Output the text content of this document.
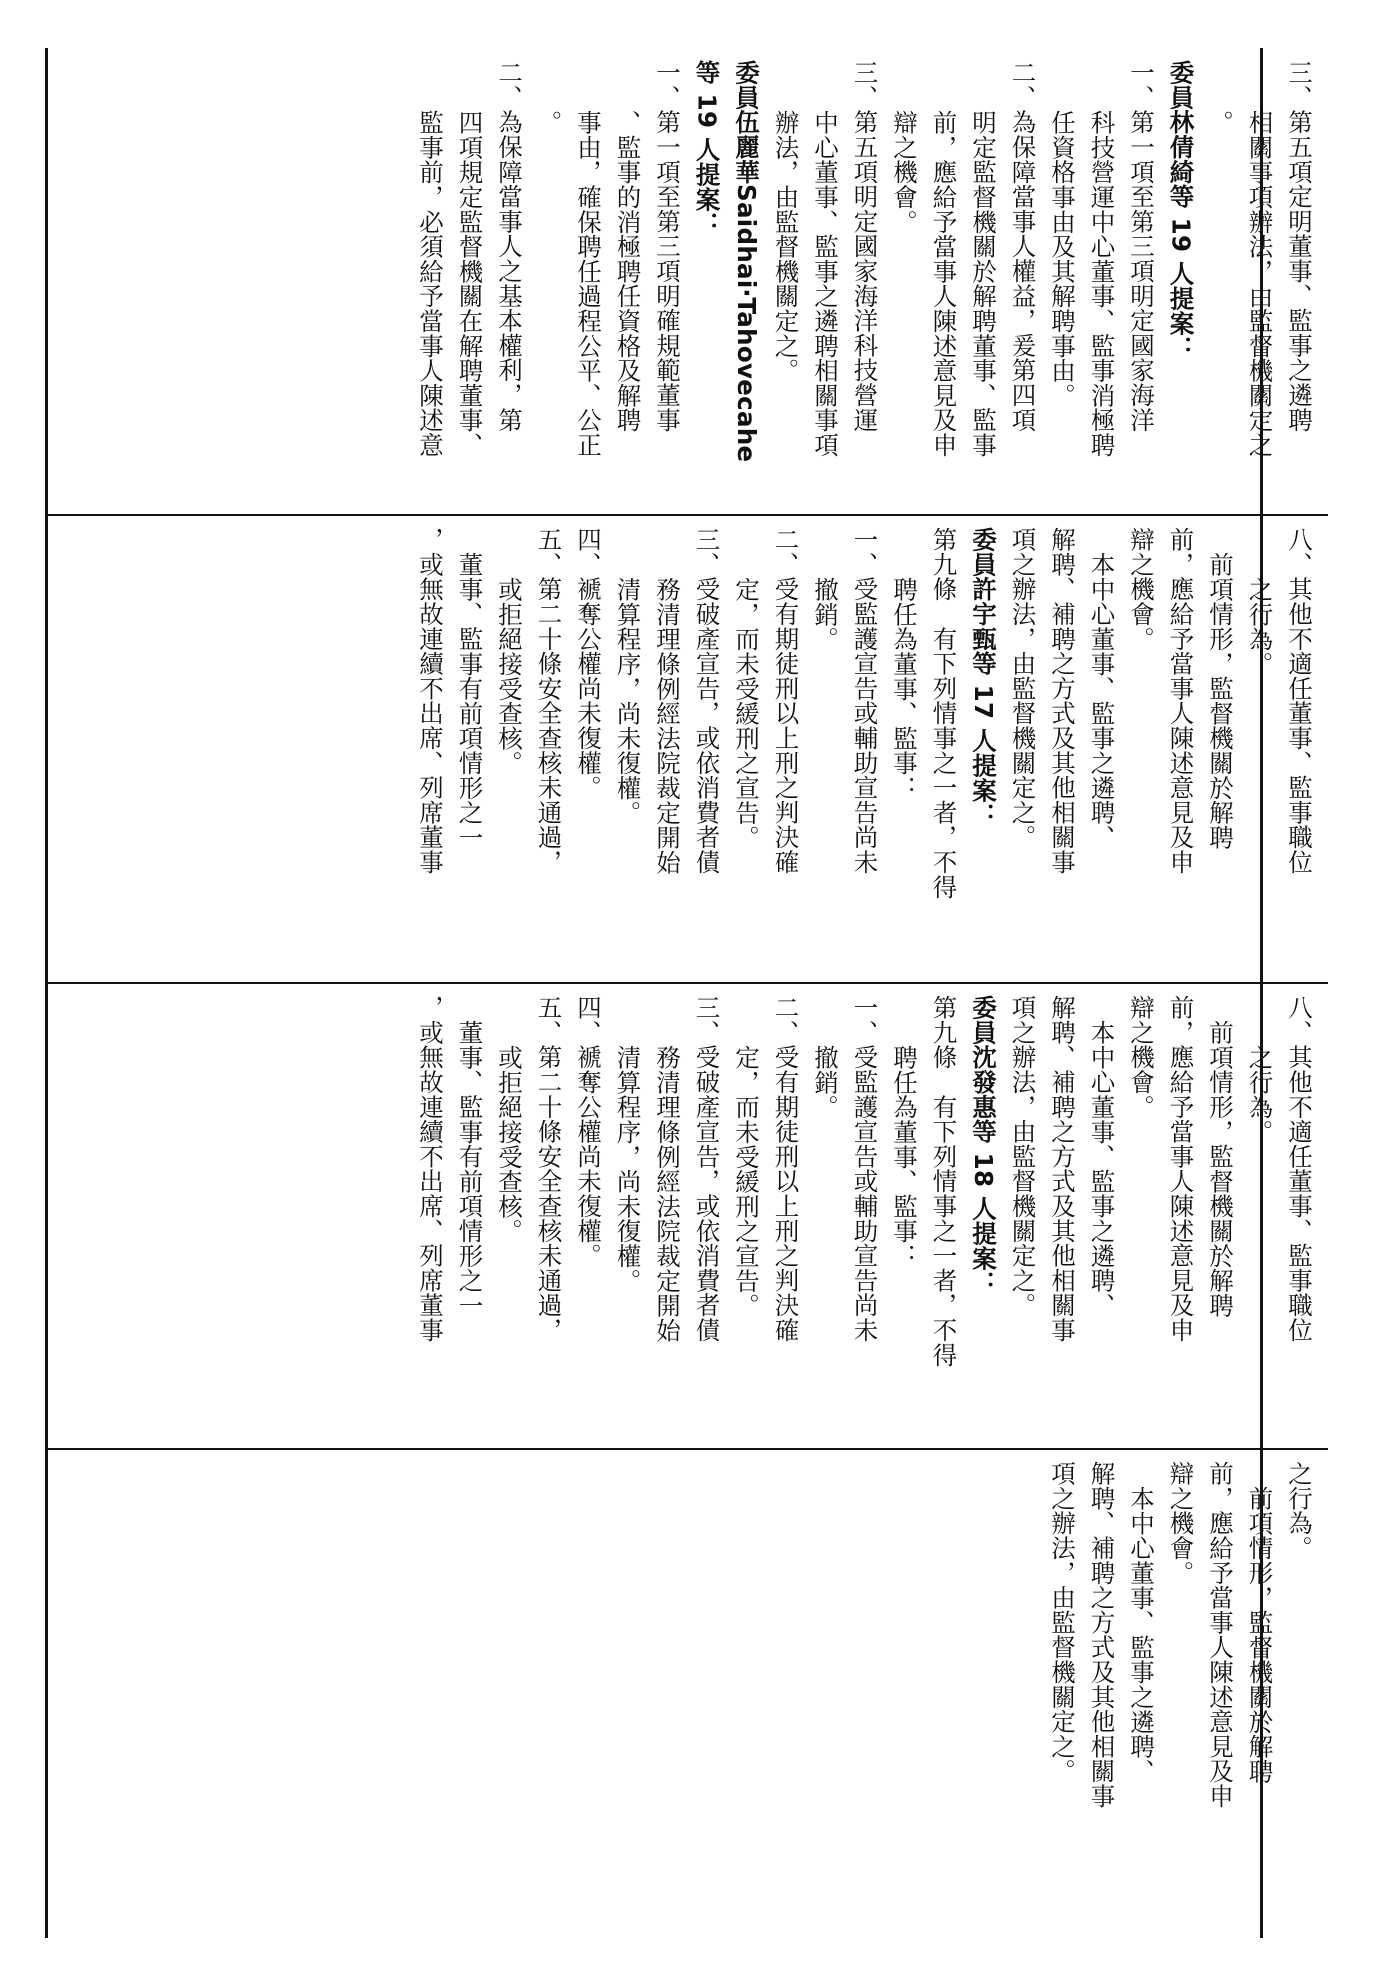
三、第五項定明董事、監事之遴聘
相關事項辦法，由監督機關定之
。
委員林倩綺等 19 人提案：
一、第一項至第三項明定國家海洋
科技營運中心董事、監事消極聘
任資格事由及其解聘事由。
二、為保障當事人權益，爰第四項
明定監督機關於解聘董事、監事
前，應給予當事人陳述意見及申
辯之機會。
三、第五項明定國家海洋科技營運
中心董事、監事之遴聘相關事項
辦法，由監督機關定之。
委員伍麗華Saidhai‧Tahovecahe
等 19 人提案：
一、第一項至第三項明確規範董事
、監事的消極聘任資格及解聘
事由，確保聘任過程公平、公正
。
二、為保障當事人之基本權利，第
四項規定監督機關在解聘董事、
監事前，必須給予當事人陳述意
八、其他不適任董事、監事職位
之行為。
前項情形，監督機關於解聘
前，應給予當事人陳述意見及申
辯之機會。
本中心董事、監事之遴聘、
解聘、補聘之方式及其他相關事
項之辦法，由監督機關定之。
委員許宇甄等 17 人提案：
第九條　有下列情事之一者，不得
聘任為董事、監事：
一、受監護宣告或輔助宣告尚未
撤銷。
二、受有期徒刑以上刑之判決確
定，而未受緩刑之宣告。
三、受破產宣告，或依消費者債
務清理條例經法院裁定開始
清算程序，尚未復權。
四、褫奪公權尚未復權。
五、第二十條安全查核未通過，
或拒絕接受查核。
董事、監事有前項情形之一
，或無故連續不出席、列席董事
八、其他不適任董事、監事職位
之行為。
前項情形，監督機關於解聘
前，應給予當事人陳述意見及申
辯之機會。
本中心董事、監事之遴聘、
解聘、補聘之方式及其他相關事
項之辦法，由監督機關定之。
委員沈發惠等 18 人提案：
第九條　有下列情事之一者，不得
聘任為董事、監事：
一、受監護宣告或輔助宣告尚未
撤銷。
二、受有期徒刑以上刑之判決確
定，而未受緩刑之宣告。
三、受破產宣告，或依消費者債
務清理條例經法院裁定開始
清算程序，尚未復權。
四、褫奪公權尚未復權。
五、第二十條安全查核未通過，
或拒絕接受查核。
董事、監事有前項情形之一
，或無故連續不出席、列席董事
之行為。
前項情形，監督機關於解聘
前，應給予當事人陳述意見及申
辯之機會。
本中心董事、監事之遴聘、
解聘、補聘之方式及其他相關事
項之辦法，由監督機關定之。
